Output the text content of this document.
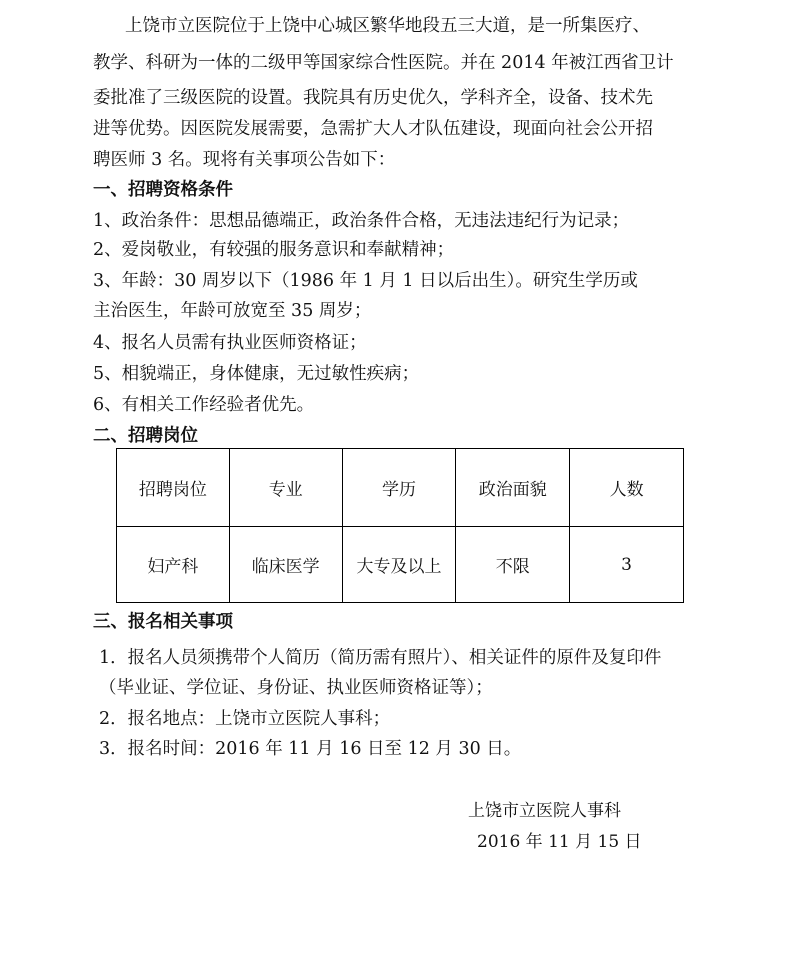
上饶市立医院位于上饶中心城区繁华地段五三大道，是一所集医疗、
教学、科研为一体的二级甲等国家综合性医院。并在 2014 年被江西省卫计
委批准了三级医院的设置。我院具有历史优久，学科齐全，设备、技术先
进等优势。因医院发展需要，急需扩大人才队伍建设，现面向社会公开招
聘医师 3 名。现将有关事项公告如下：
一、招聘资格条件
1、政治条件：思想品德端正，政治条件合格，无违法违纪行为记录；
2、爱岗敬业，有较强的服务意识和奉献精神；
3、年龄：30 周岁以下（1986 年 1 月 1 日以后出生）。研究生学历或
主治医生，年龄可放宽至 35 周岁；
4、报名人员需有执业医师资格证；
5、相貌端正，身体健康，无过敏性疾病；
6、有相关工作经验者优先。
二、招聘岗位
招聘岗位	专业	学历	政治面貌	人数
妇产科	临床医学	大专及以上	不限	3
三、报名相关事项
1．报名人员须携带个人简历（简历需有照片）、相关证件的原件及复印件
（毕业证、学位证、身份证、执业医师资格证等）；
2．报名地点：上饶市立医院人事科；
3．报名时间：2016 年 11 月 16 日至 12 月 30 日。
上饶市立医院人事科
2016 年 11 月 15 日
